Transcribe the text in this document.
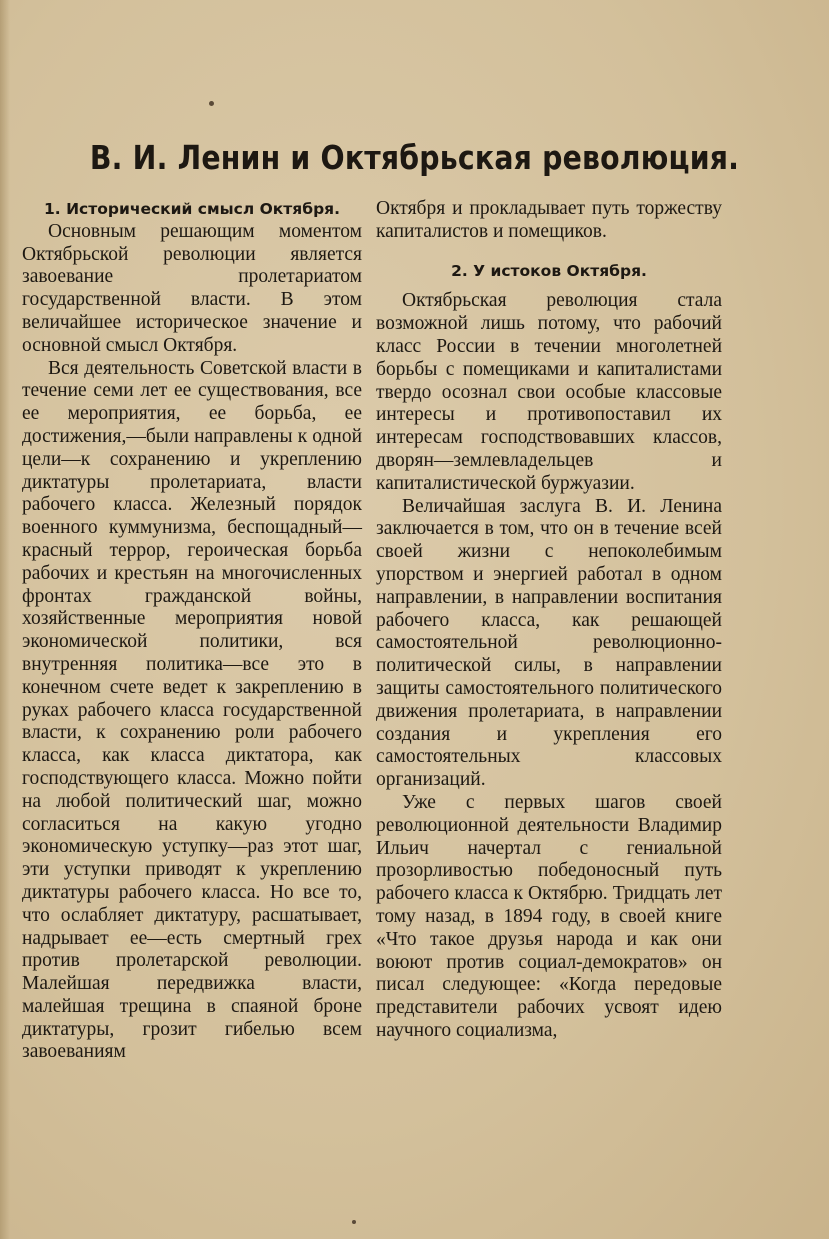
В. И. Ленин и Октябрьская революция.
1. Исторический смысл Октября.

Основным решающим моментом Октябрьской революции является завоевание пролетариатом государственной власти. В этом величайшее историческое значение и основной смысл Октября.

Вся деятельность Советской власти в течение семи лет ее существования, все ее мероприятия, ее борьба, ее достижения,—были направлены к одной цели—к сохранению и укреплению диктатуры пролетариата, власти рабочего класса. Железный порядок военного куммунизма, беспощадный—красный террор, героическая борьба рабочих и крестьян на многочисленных фронтах гражданской войны, хозяйственные мероприятия новой экономической политики, вся внутренняя политика—все это в конечном счете ведет к закреплению в руках рабочего класса государственной власти, к сохранению роли рабочего класса, как класса диктатора, как господствующего класса. Можно пойти на любой политический шаг, можно согласиться на какую угодно экономическую уступку—раз этот шаг, эти уступки приводят к укреплению диктатуры рабочего класса. Но все то, что ослабляет диктатуру, расшатывает, надрывает ее—есть смертный грех против пролетарской революции. Малейшая передвижка власти, малейшая трещина в спаяной броне диктатуры, грозит гибелью всем завоеваниям

Октября и прокладывает путь торжеству капиталистов и помещиков.

2. У истоков Октября.

Октябрьская революция стала возможной лишь потому, что рабочий класс России в течении многолетней борьбы с помещиками и капиталистами твердо осознал свои особые классовые интересы и противопоставил их интересам господствовавших классов, дворян—землевладельцев и капиталистической буржуазии.

Величайшая заслуга В. И. Ленина заключается в том, что он в течение всей своей жизни с непоколебимым упорством и энергией работал в одном направлении, в направлении воспитания рабочего класса, как решающей самостоятельной революционно-политической силы, в направлении защиты самостоятельного политического движения пролетариата, в направлении создания и укрепления его самостоятельных классовых организаций.

Уже с первых шагов своей революционной деятельности Владимир Ильич начертал с гениальной прозорливостью победоносный путь рабочего класса к Октябрю. Тридцать лет тому назад, в 1894 году, в своей книге «Что такое друзья народа и как они воюют против социал-демократов» он писал следующее: «Когда передовые представители рабочих усвоят идею научного социализма,
